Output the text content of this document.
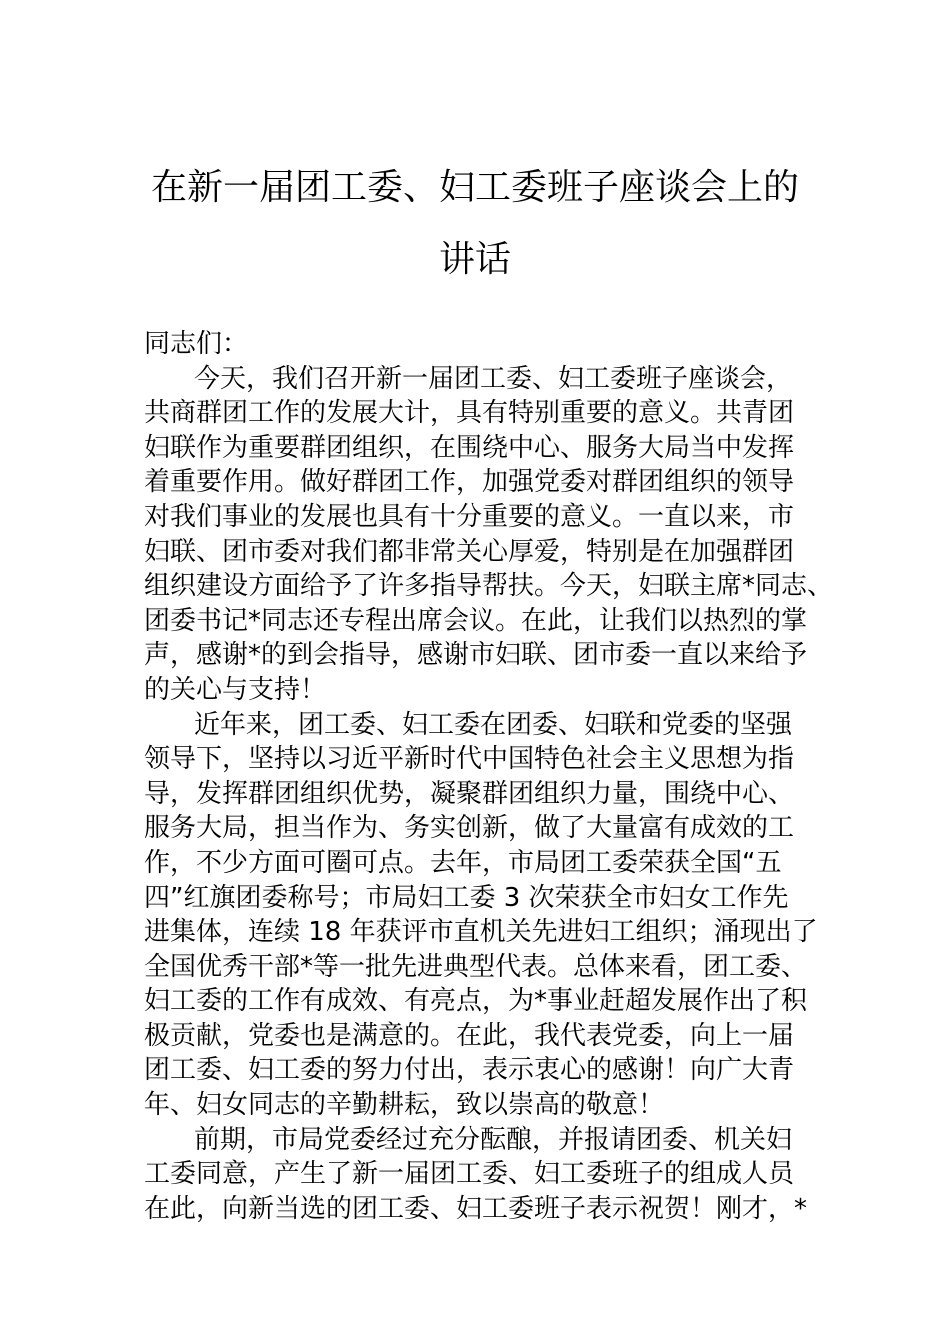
在新一届团工委、妇工委班子座谈会上的
讲话
同志们：
今天，我们召开新一届团工委、妇工委班子座谈会，
共商群团工作的发展大计，具有特别重要的意义。共青团
妇联作为重要群团组织，在围绕中心、服务大局当中发挥
着重要作用。做好群团工作，加强党委对群团组织的领导
对我们事业的发展也具有十分重要的意义。一直以来，市
妇联、团市委对我们都非常关心厚爱，特别是在加强群团
组织建设方面给予了许多指导帮扶。今天，妇联主席*同志、
团委书记*同志还专程出席会议。在此，让我们以热烈的掌
声，感谢*的到会指导，感谢市妇联、团市委一直以来给予
的关心与支持！
近年来，团工委、妇工委在团委、妇联和党委的坚强
领导下，坚持以习近平新时代中国特色社会主义思想为指
导，发挥群团组织优势，凝聚群团组织力量，围绕中心、
服务大局，担当作为、务实创新，做了大量富有成效的工
作，不少方面可圈可点。去年，市局团工委荣获全国“五
四”红旗团委称号；市局妇工委 3 次荣获全市妇女工作先
进集体，连续 18 年获评市直机关先进妇工组织；涌现出了
全国优秀干部*等一批先进典型代表。总体来看，团工委、
妇工委的工作有成效、有亮点，为*事业赶超发展作出了积
极贡献，党委也是满意的。在此，我代表党委，向上一届
团工委、妇工委的努力付出，表示衷心的感谢！向广大青
年、妇女同志的辛勤耕耘，致以崇高的敬意！
前期，市局党委经过充分酝酿，并报请团委、机关妇
工委同意，产生了新一届团工委、妇工委班子的组成人员
在此，向新当选的团工委、妇工委班子表示祝贺！刚才，*
